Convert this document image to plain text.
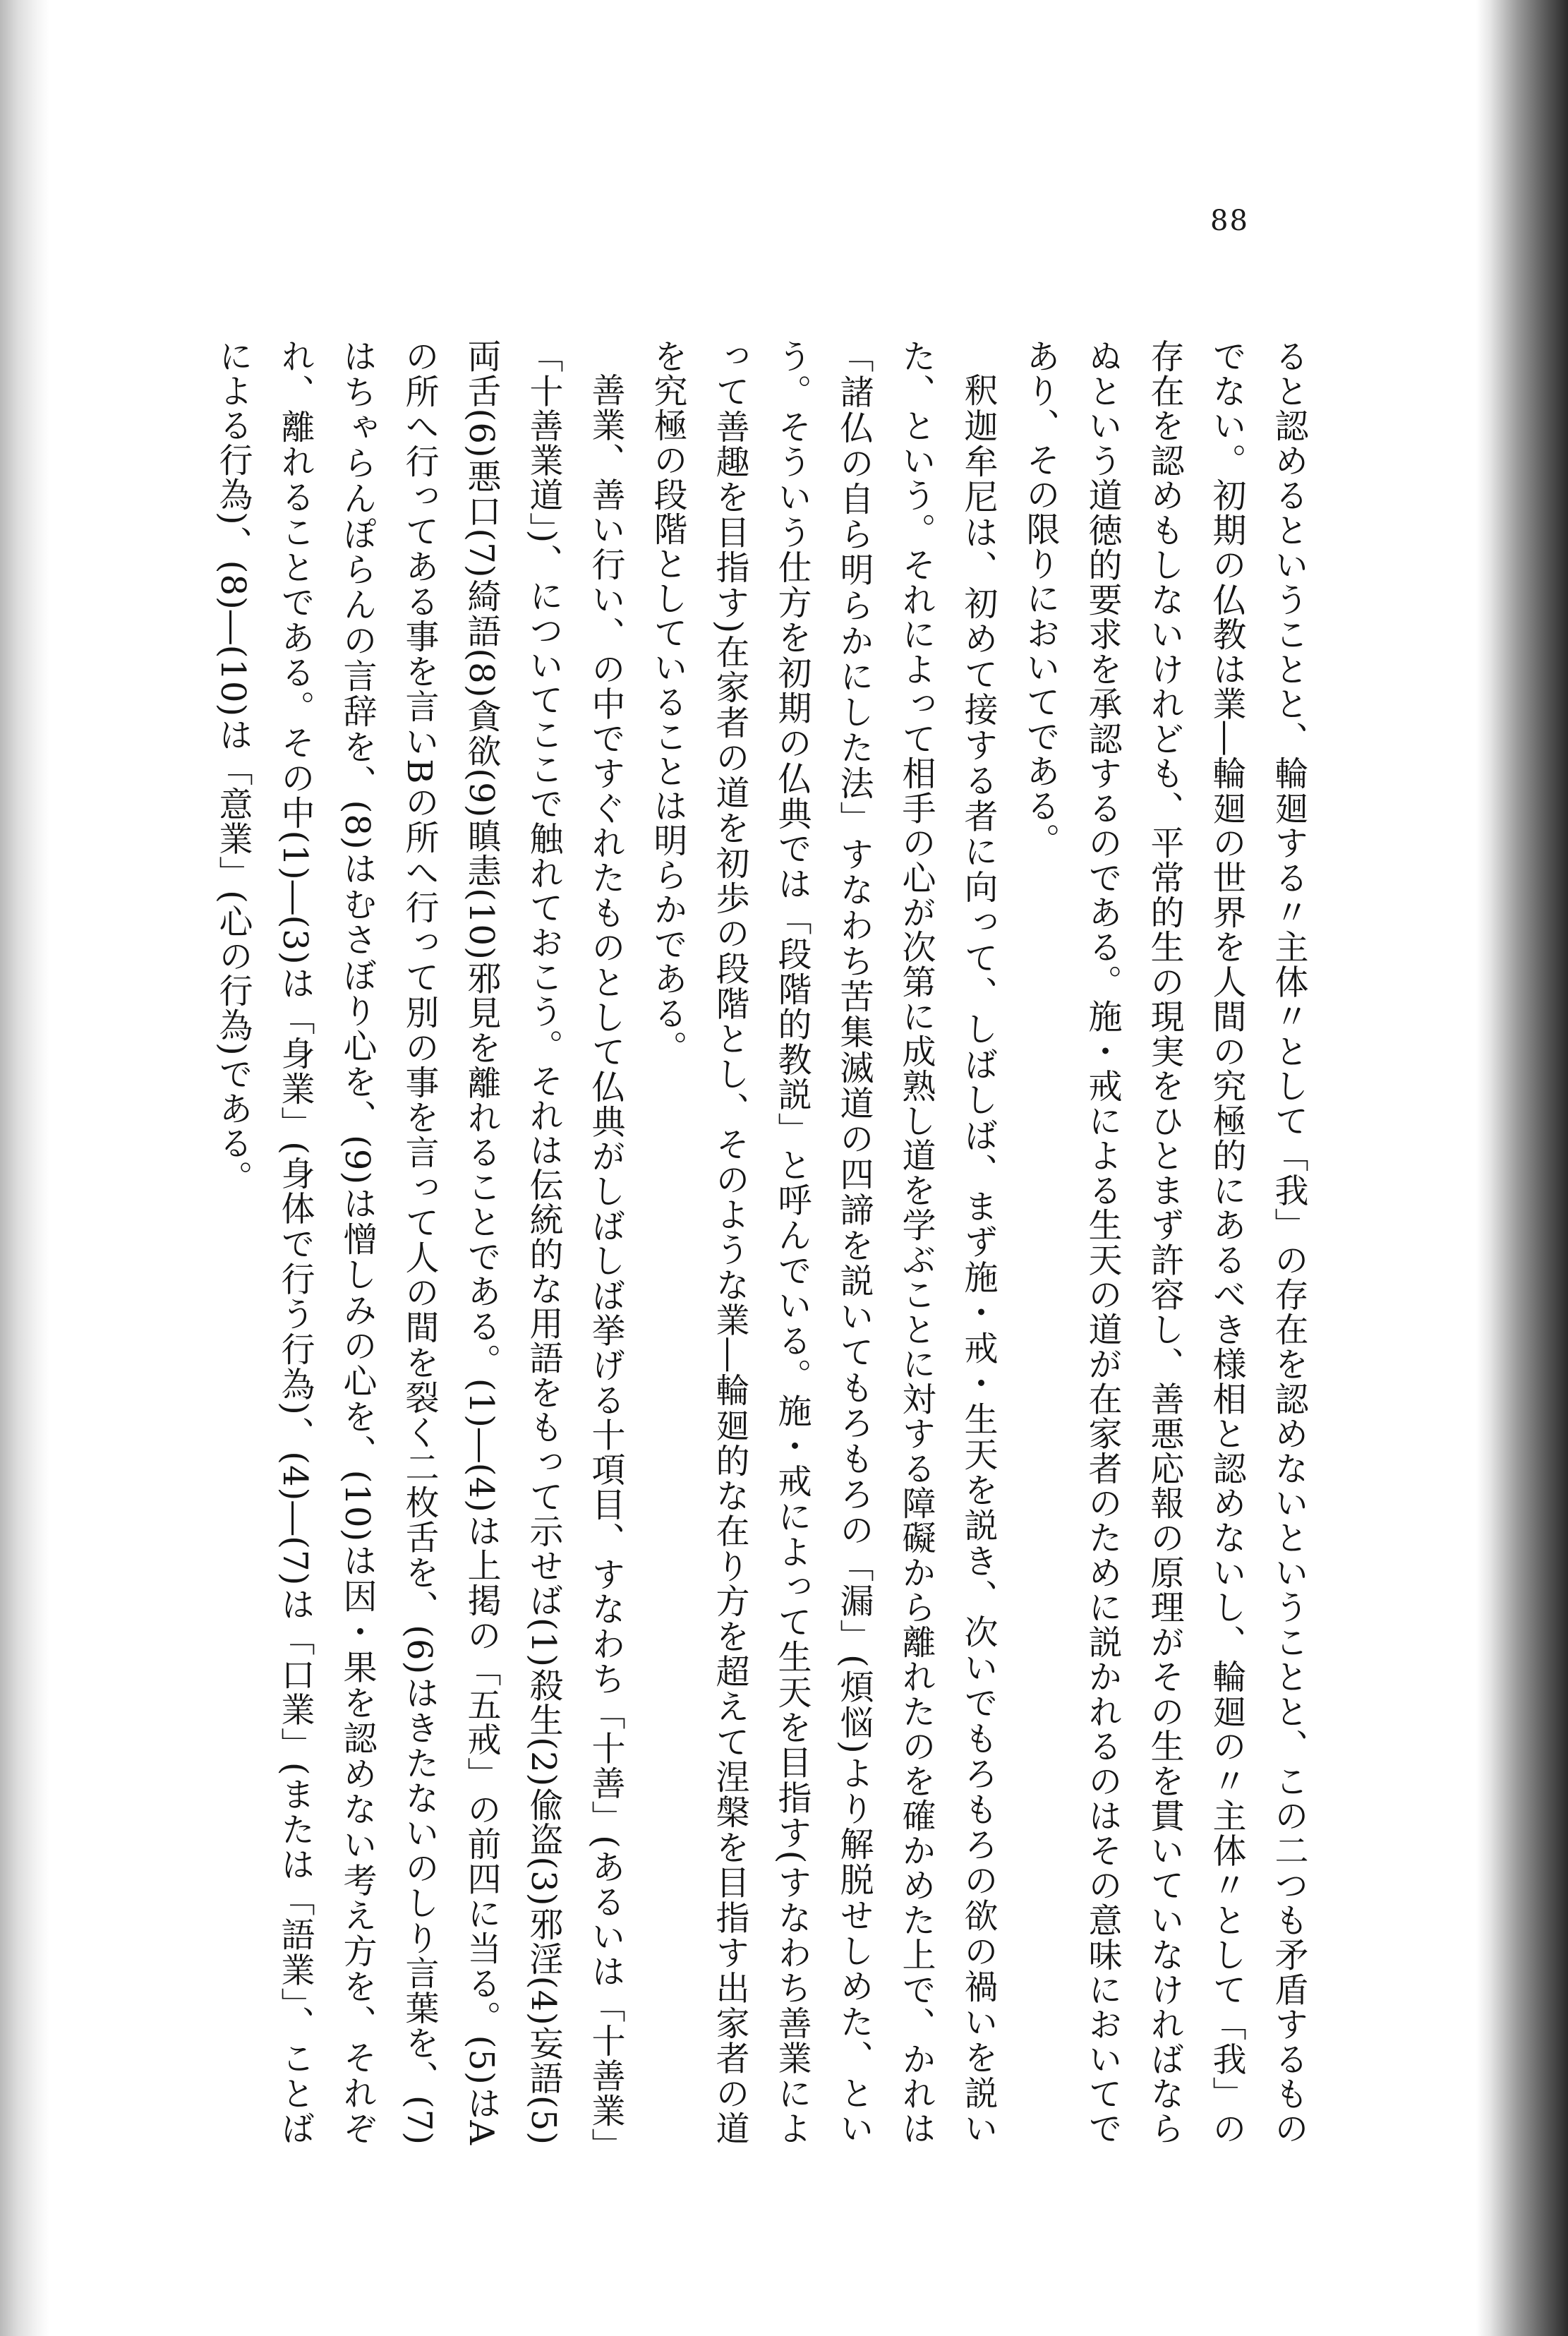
88

ると認めるということと、輪廻する〃主体〃として「我」の存在を認めないということと、この二つも矛盾するものでない。初期の仏教は業―輪廻の世界を人間の究極的にあるべき様相と認めないし、輪廻の〃主体〃として「我」の存在を認めもしないけれども、平常的生の現実をひとまず許容し、善悪応報の原理がその生を貫いていなければならぬという道徳的要求を承認するのである。施・戒による生天の道が在家者のために説かれるのはその意味においてであり、その限りにおいてである。

釈迦牟尼は、初めて接する者に向って、しばしば、まず施・戒・生天を説き、次いでもろもろの欲の禍いを説いた、という。それによって相手の心が次第に成熟し道を学ぶことに対する障礙から離れたのを確かめた上で、かれは「諸仏の自ら明らかにした法」すなわち苦集滅道の四諦を説いてもろもろの「漏」(煩悩)より解脱せしめた、という。そういう仕方を初期の仏典では「段階的教説」と呼んでいる。施・戒によって生天を目指す(すなわち善業によって善趣を目指す)在家者の道を初歩の段階とし、そのような業―輪廻的な在り方を超えて涅槃を目指す出家者の道を究極の段階としていることは明らかである。

善業、善い行い、の中ですぐれたものとして仏典がしばしば挙げる十項目、すなわち「十善」(あるいは「十善業」「十善業道」)、についてここで触れておこう。それは伝統的な用語をもって示せば(1)殺生(2)偸盗(3)邪淫(4)妄語(5)両舌(6)悪口(7)綺語(8)貪欲(9)瞋恚(10)邪見を離れることである。(1)―(4)は上掲の「五戒」の前四に当る。(5)はAの所へ行ってある事を言いBの所へ行って別の事を言って人の間を裂く二枚舌を、(6)はきたないのしり言葉を、(7)はちゃらんぽらんの言辞を、(8)はむさぼり心を、(9)は憎しみの心を、(10)は因・果を認めない考え方を、それぞれ、離れることである。その中(1)―(3)は「身業」(身体で行う行為)、(4)―(7)は「口業」(または「語業」、ことばによる行為)、(8)―(10)は「意業」(心の行為)である。
